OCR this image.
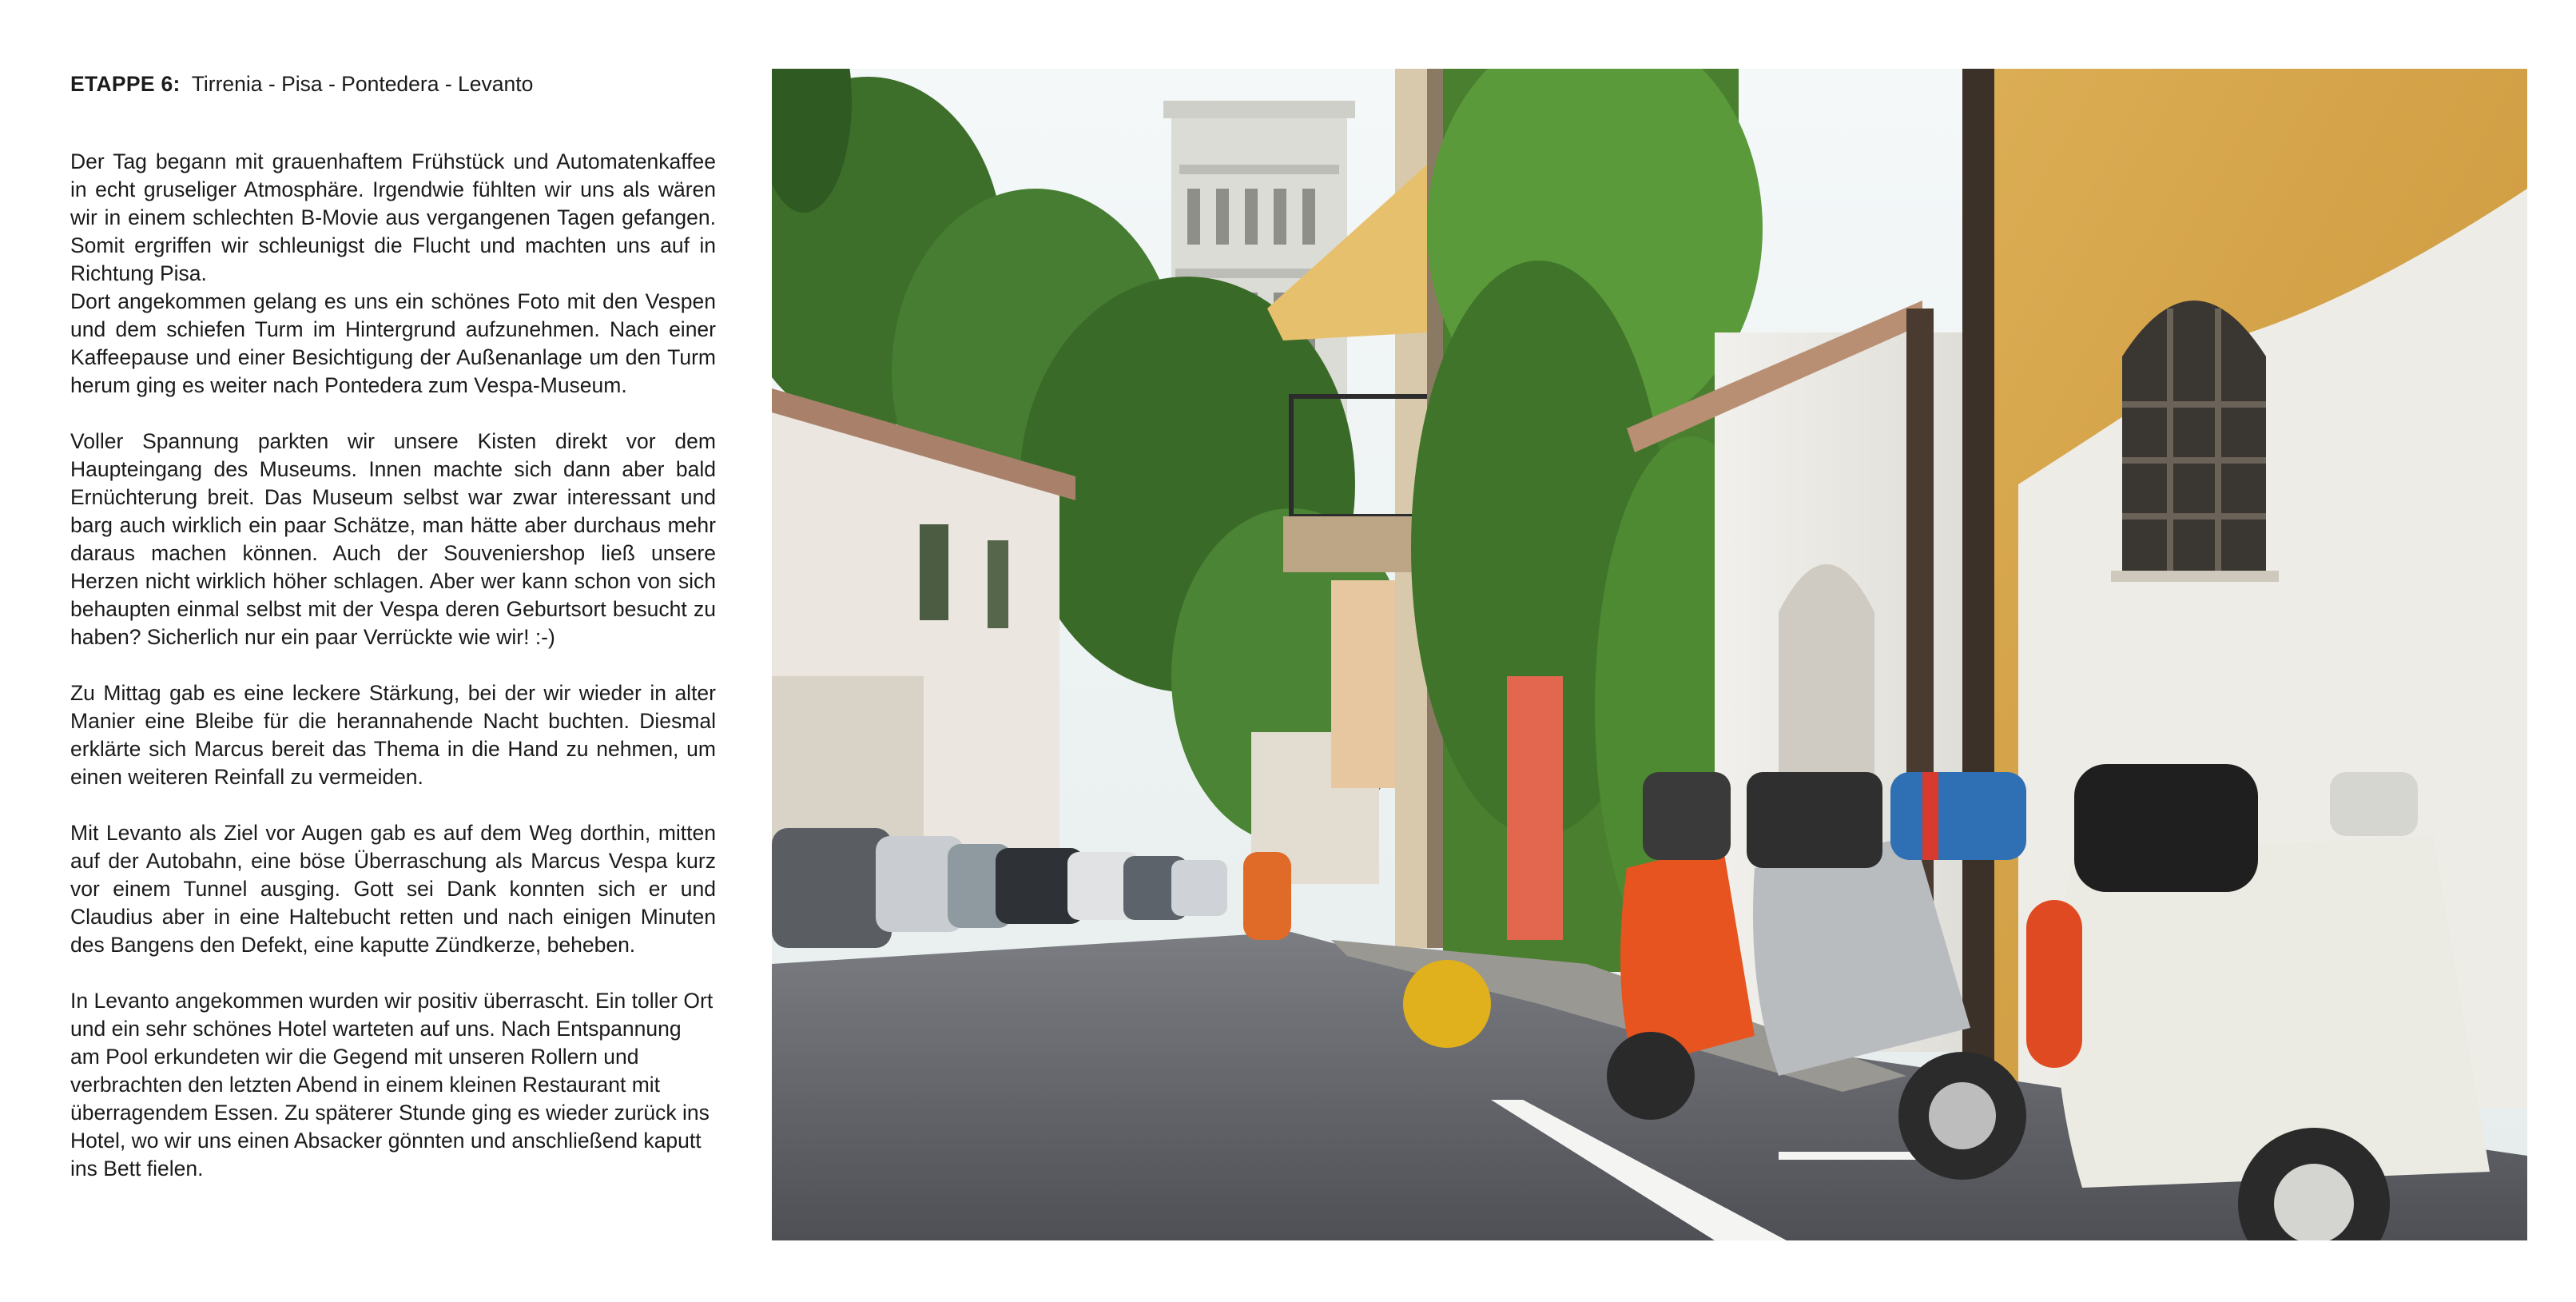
ETAPPE 6: Tirrenia - Pisa - Pontedera - Levanto

Der Tag begann mit grauenhaftem Frühstück und Automatenkaffee in echt gruseliger Atmosphäre. Irgendwie fühlten wir uns als wären wir in einem schlechten B-Movie aus vergangenen Tagen gefangen. Somit ergriffen wir schleunigst die Flucht und machten uns auf in Richtung Pisa.
Dort angekommen gelang es uns ein schönes Foto mit den Vespen und dem schiefen Turm im Hintergrund aufzunehmen. Nach einer Kaffeepause und einer Besichtigung der Außenanlage um den Turm herum ging es weiter nach Pontedera zum Vespa-Museum.

Voller Spannung parkten wir unsere Kisten direkt vor dem Haupteingang des Museums. Innen machte sich dann aber bald Ernüchterung breit. Das Museum selbst war zwar interessant und barg auch wirklich ein paar Schätze, man hätte aber durchaus mehr daraus machen können. Auch der Souveniershop ließ unsere Herzen nicht wirklich höher schlagen. Aber wer kann schon von sich behaupten einmal selbst mit der Vespa deren Geburtsort besucht zu haben? Sicherlich nur ein paar Verrückte wie wir! :-)

Zu Mittag gab es eine leckere Stärkung, bei der wir wieder in alter Manier eine Bleibe für die herannahende Nacht buchten. Diesmal erklärte sich Marcus bereit das Thema in die Hand zu nehmen, um einen weiteren Reinfall zu vermeiden.

Mit Levanto als Ziel vor Augen gab es auf dem Weg dorthin, mitten auf der Autobahn, eine böse Überraschung als Marcus Vespa kurz vor einem Tunnel ausging. Gott sei Dank konnten sich er und Claudius aber in eine Haltebucht retten und nach einigen Minuten des Bangens den Defekt, eine kaputte Zündkerze, beheben.

In Levanto angekommen wurden wir positiv überrascht. Ein toller Ort und ein sehr schönes Hotel warteten auf uns. Nach Entspannung am Pool erkundeten wir die Gegend mit unseren Rollern und verbrachten den letzten Abend in einem kleinen Restaurant mit überragendem Essen. Zu späterer Stunde ging es wieder zurück ins Hotel, wo wir uns einen Absacker gönnten und anschließend kaputt ins Bett fielen.
